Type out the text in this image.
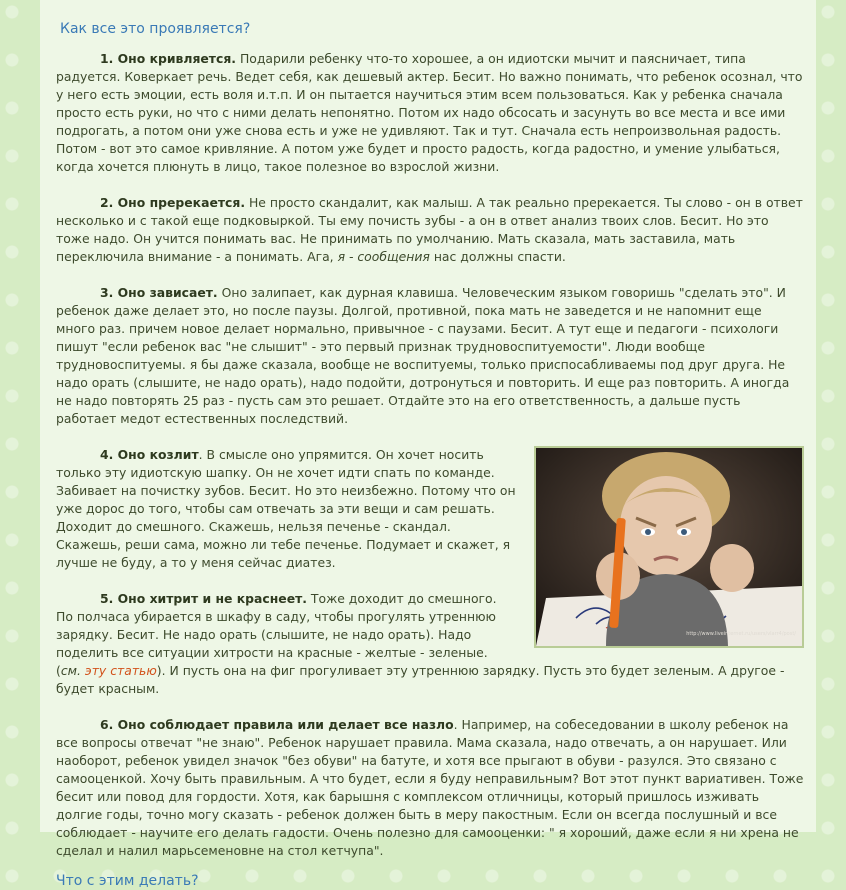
Как все это проявляется?

1. Оно кривляется. Подарили ребенку что-то хорошее, а он идиотски мычит и паясничает, типа радуется. Коверкает речь. Ведет себя, как дешевый актер. Бесит. Но важно понимать, что ребенок осознал, что у него есть эмоции, есть воля и.т.п. И он пытается научиться этим всем пользоваться. Как у ребенка сначала просто есть руки, но что с ними делать непонятно. Потом их надо обсосать и засунуть во все места и все ими подрогать, а потом они уже снова есть и уже не удивляют. Так и тут. Сначала есть непроизвольная радость. Потом - вот это самое кривляние. А потом уже будет и просто радость, когда радостно, и умение улыбаться, когда хочется плюнуть в лицо, такое полезное во взрослой жизни.

2. Оно пререкается. Не просто скандалит, как малыш. А так реально пререкается. Ты слово - он в ответ несколько и с такой еще подковыркой. Ты ему почисть зубы - а он в ответ анализ твоих слов. Бесит. Но это тоже надо. Он учится понимать вас. Не принимать по умолчанию. Мать сказала, мать заставила, мать переключила внимание - а понимать. Ага, я - сообщения нас должны спасти.

3. Оно зависает. Оно залипает, как дурная клавиша. Человеческим языком говоришь "сделать это". И ребенок даже делает это, но после паузы. Долгой, противной, пока мать не заведется и не напомнит еще много раз. причем новое делает нормально, привычное - с паузами. Бесит. А тут еще и педагоги - психологи пишут "если ребенок вас "не слышит" - это первый признак трудновоспитуемости". Люди вообще трудновоспитуемы. я бы даже сказала, вообще не воспитуемы, только приспосабливаемы под друг друга. Не надо орать (слышите, не надо орать), надо подойти, дотронуться и повторить. И еще раз повторить. А иногда не надо повторять 25 раз - пусть сам это решает. Отдайте это на его ответственность, а дальше пусть работает медот естественных последствий.

http://www.liveinternet.ru/users/vlarr4/post/

4. Оно козлит. В смысле оно упрямится. Он хочет носить только эту идиотскую шапку. Он не хочет идти спать по команде. Забивает на почистку зубов. Бесит. Но это неизбежно. Потому что он уже дорос до того, чтобы сам отвечать за эти вещи и сам решать. Доходит до смешного. Скажешь, нельзя печенье - скандал. Скажешь, реши сама, можно ли тебе печенье. Подумает и скажет, я лучше не буду, а то у меня сейчас диатез.

5. Оно хитрит и не краснеет. Тоже доходит до смешного. По полчаса убирается в шкафу в саду, чтобы прогулять утреннюю зарядку. Бесит. Не надо орать (слышите, не надо орать). Надо поделить все ситуации хитрости на красные - желтые - зеленые. (см. эту статью). И пусть она на фиг прогуливает эту утреннюю зарядку. Пусть это будет зеленым. А другое - будет красным.

6. Оно соблюдает правила или делает все назло. Например, на собеседовании в школу ребенок на все вопросы отвечат "не знаю". Ребенок нарушает правила. Мама сказала, надо отвечать, а он нарушает. Или наоборот, ребенок увидел значок "без обуви" на батуте, и хотя все прыгают в обуви - разулся. Это связано с самооценкой. Хочу быть правильным. А что будет, если я буду неправильным? Вот этот пункт вариативен. Тоже бесит или повод для гордости. Хотя, как барышня с комплексом отличницы, который пришлось изживать долгие годы, точно могу сказать - ребенок должен быть в меру пакостным. Если он всегда послушный и все соблюдает - научите его делать гадости. Очень полезно для самооценки: " я хороший, даже если я ни хрена не сделал и налил марьсеменовне на стол кетчупа".

Что с этим делать?
